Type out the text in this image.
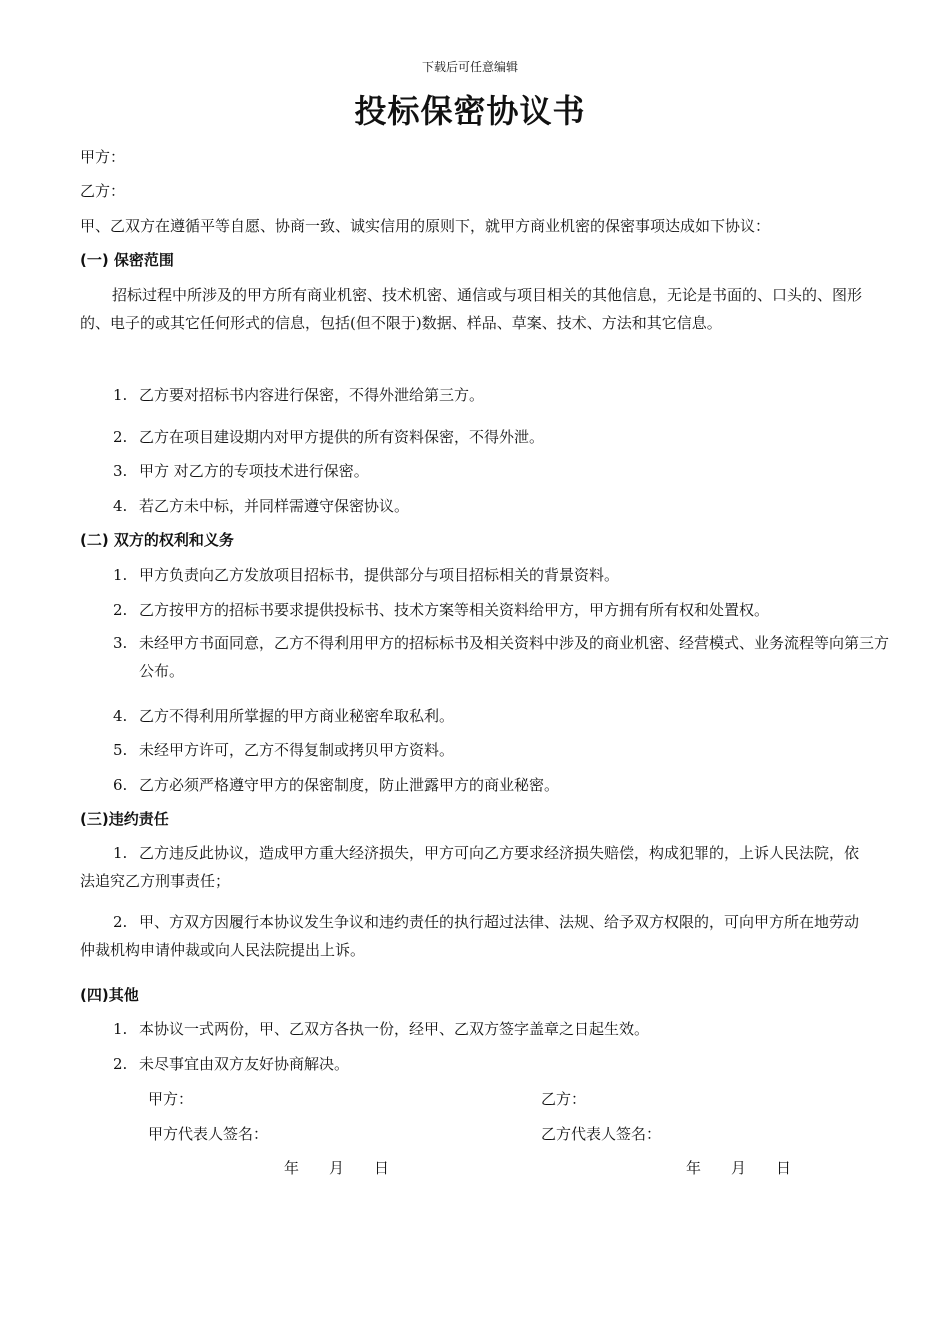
下载后可任意编辑
投标保密协议书
甲方：
乙方：
甲、乙双方在遵循平等自愿、协商一致、诚实信用的原则下，就甲方商业机密的保密事项达成如下协议：
(一) 保密范围
招标过程中所涉及的甲方所有商业机密、技术机密、通信或与项目相关的其他信息，无论是书面的、口头的、图形的、电子的或其它任何形式的信息，包括(但不限于)数据、样品、草案、技术、方法和其它信息。
1. 乙方要对招标书内容进行保密，不得外泄给第三方。
2. 乙方在项目建设期内对甲方提供的所有资料保密，不得外泄。
3. 甲方 对乙方的专项技术进行保密。
4. 若乙方未中标，并同样需遵守保密协议。
(二) 双方的权利和义务
1. 甲方负责向乙方发放项目招标书，提供部分与项目招标相关的背景资料。
2. 乙方按甲方的招标书要求提供投标书、技术方案等相关资料给甲方，甲方拥有所有权和处置权。
3. 未经甲方书面同意，乙方不得利用甲方的招标标书及相关资料中涉及的商业机密、经营模式、业务流程等向第三方公布。
4. 乙方不得利用所掌握的甲方商业秘密牟取私利。
5. 未经甲方许可，乙方不得复制或拷贝甲方资料。
6. 乙方必须严格遵守甲方的保密制度，防止泄露甲方的商业秘密。
(三)违约责任
1. 乙方违反此协议，造成甲方重大经济损失，甲方可向乙方要求经济损失赔偿，构成犯罪的，上诉人民法院，依法追究乙方刑事责任；
2. 甲、方双方因履行本协议发生争议和违约责任的执行超过法律、法规、给予双方权限的，可向甲方所在地劳动仲裁机构申请仲裁或向人民法院提出上诉。
(四)其他
1. 本协议一式两份，甲、乙双方各执一份，经甲、乙双方签字盖章之日起生效。
2. 未尽事宜由双方友好协商解决。
甲方：	乙方：
甲方代表人签名：	乙方代表人签名：
年　　月　　日	年　　月　　日
